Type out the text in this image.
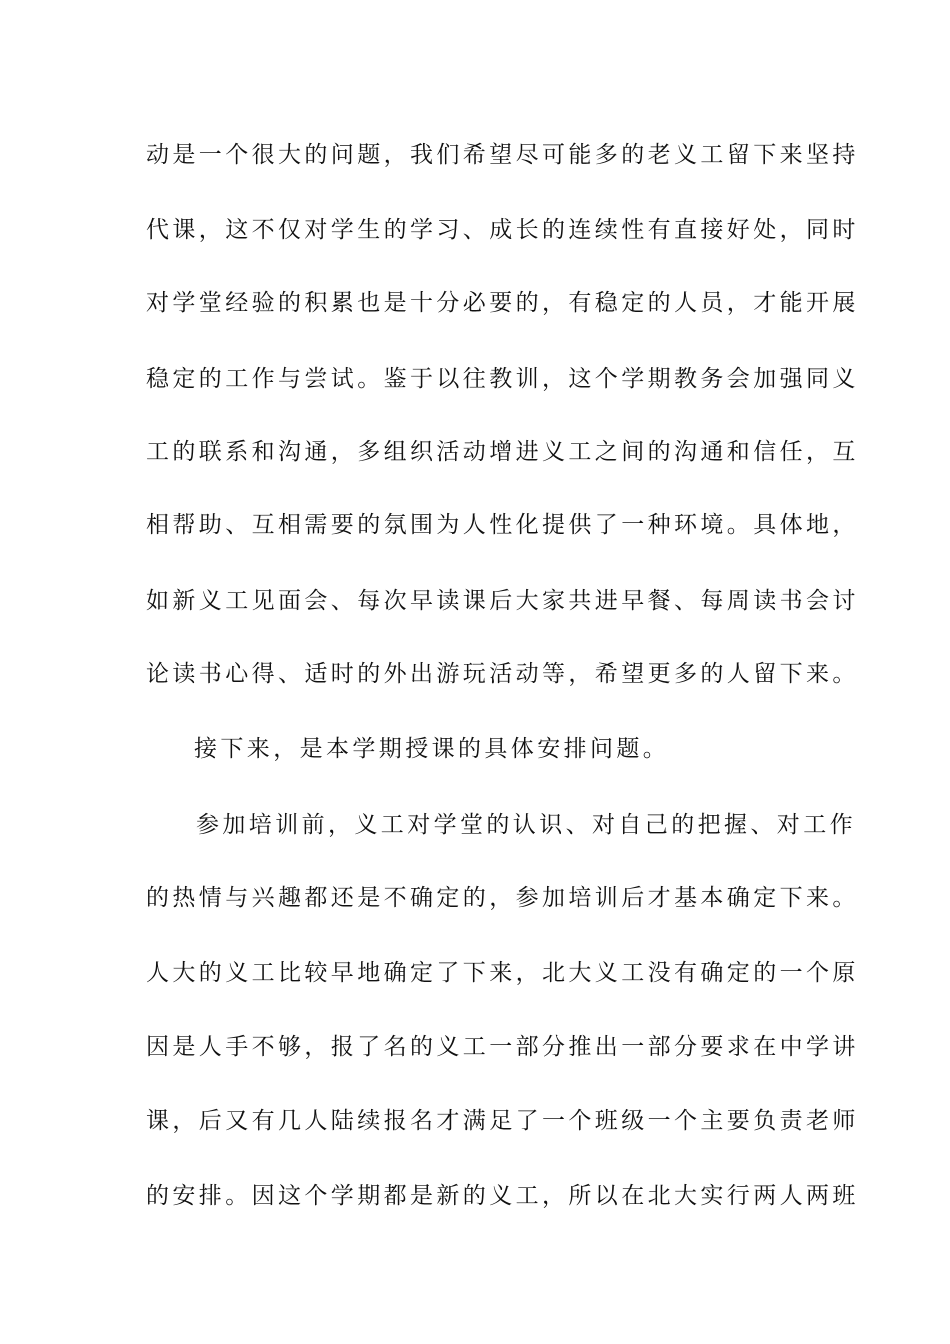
动是一个很大的问题，我们希望尽可能多的老义工留下来坚持
代课，这不仅对学生的学习、成长的连续性有直接好处，同时
对学堂经验的积累也是十分必要的，有稳定的人员，才能开展
稳定的工作与尝试。鉴于以往教训，这个学期教务会加强同义
工的联系和沟通，多组织活动增进义工之间的沟通和信任，互
相帮助、互相需要的氛围为人性化提供了一种环境。具体地，
如新义工见面会、每次早读课后大家共进早餐、每周读书会讨
论读书心得、适时的外出游玩活动等，希望更多的人留下来。
接下来，是本学期授课的具体安排问题。
参加培训前，义工对学堂的认识、对自己的把握、对工作
的热情与兴趣都还是不确定的，参加培训后才基本确定下来。
人大的义工比较早地确定了下来，北大义工没有确定的一个原
因是人手不够，报了名的义工一部分推出一部分要求在中学讲
课，后又有几人陆续报名才满足了一个班级一个主要负责老师
的安排。因这个学期都是新的义工，所以在北大实行两人两班
